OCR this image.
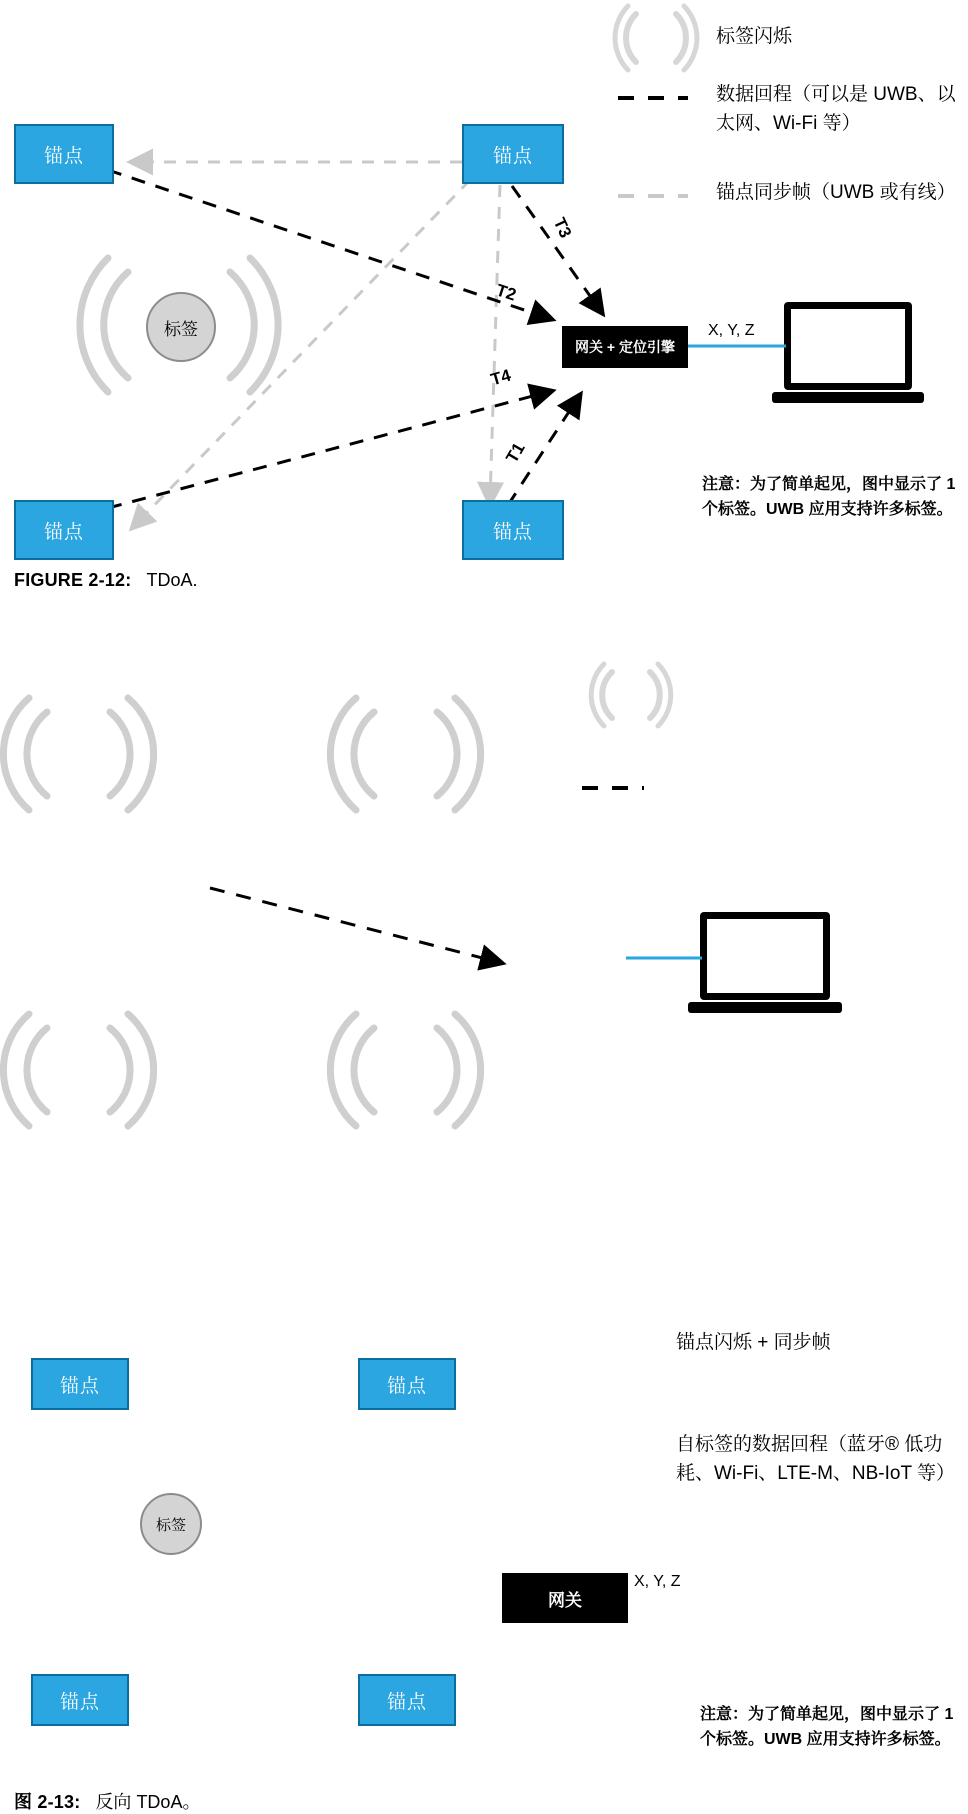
锚点	锚点
锚点	锚点
标签
网关 + 定位引擎
X, Y, Z
T3
T2
T4
T1
标签闪烁
数据回程（可以是 UWB、以太网、Wi-Fi 等）
锚点同步帧（UWB 或有线）
注意：为了简单起见，图中显示了 1 个标签。UWB 应用支持许多标签。
FIGURE 2-12: TDoA.
锚点	锚点
锚点	锚点
标签
网关
X, Y, Z
锚点闪烁 + 同步帧
自标签的数据回程（蓝牙® 低功耗、Wi-Fi、LTE-M、NB-IoT 等）
注意：为了简单起见，图中显示了 1 个标签。UWB 应用支持许多标签。
图 2-13: 反向 TDoA。
